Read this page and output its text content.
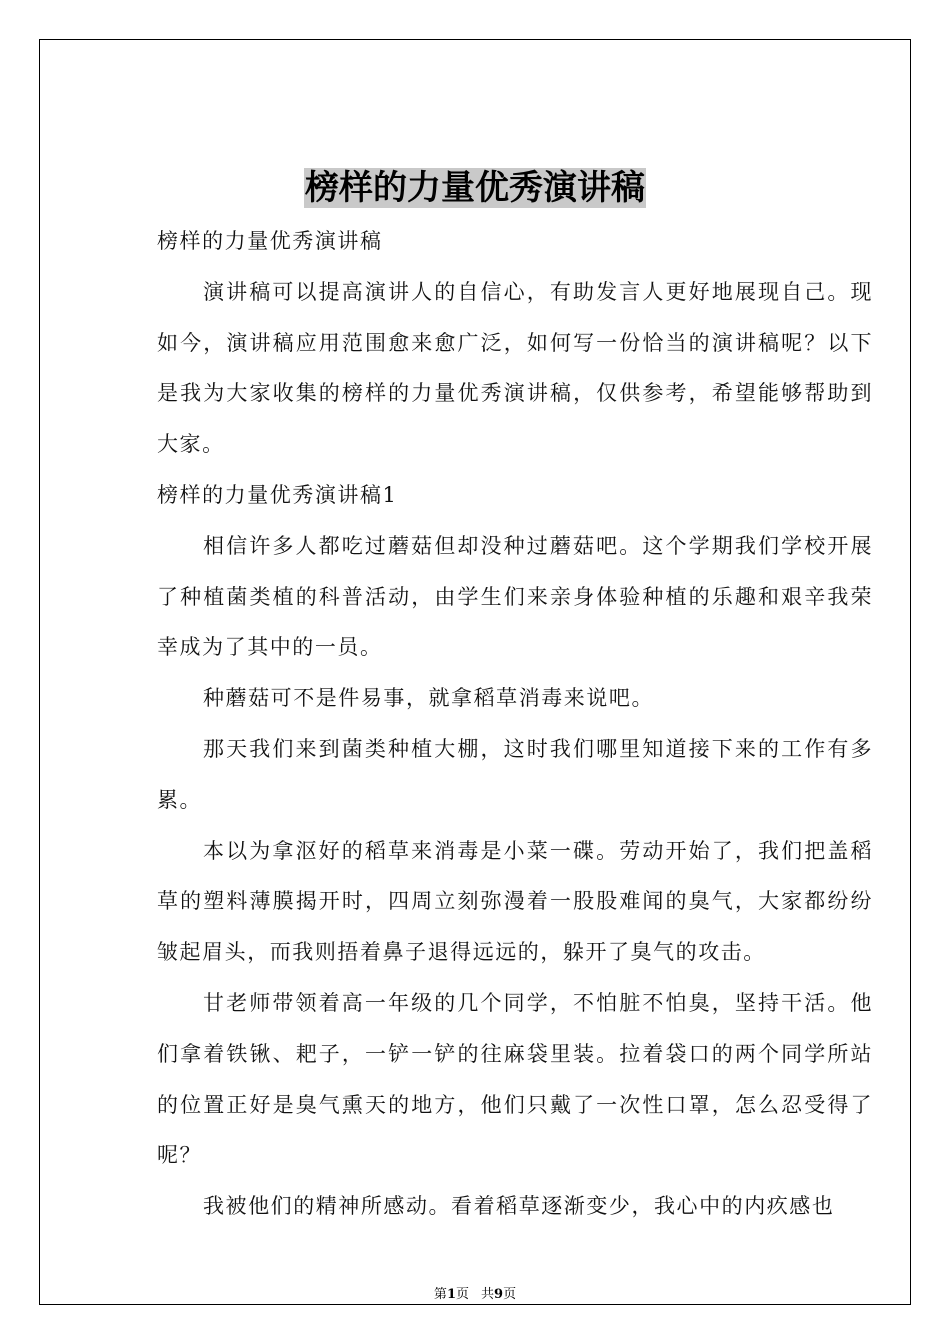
榜样的力量优秀演讲稿

榜样的力量优秀演讲稿

演讲稿可以提高演讲人的自信心，有助发言人更好地展现自己。现如今，演讲稿应用范围愈来愈广泛，如何写一份恰当的演讲稿呢？以下是我为大家收集的榜样的力量优秀演讲稿，仅供参考，希望能够帮助到大家。

榜样的力量优秀演讲稿1

相信许多人都吃过蘑菇但却没种过蘑菇吧。这个学期我们学校开展了种植菌类植的科普活动，由学生们来亲身体验种植的乐趣和艰辛我荣幸成为了其中的一员。

种蘑菇可不是件易事，就拿稻草消毒来说吧。

那天我们来到菌类种植大棚，这时我们哪里知道接下来的工作有多累。

本以为拿沤好的稻草来消毒是小菜一碟。劳动开始了，我们把盖稻草的塑料薄膜揭开时，四周立刻弥漫着一股股难闻的臭气，大家都纷纷皱起眉头，而我则捂着鼻子退得远远的，躲开了臭气的攻击。

甘老师带领着高一年级的几个同学，不怕脏不怕臭，坚持干活。他们拿着铁锹、耙子，一铲一铲的往麻袋里装。拉着袋口的两个同学所站的位置正好是臭气熏天的地方，他们只戴了一次性口罩，怎么忍受得了呢？

我被他们的精神所感动。看着稻草逐渐变少，我心中的内疚感也

第1页 共9页
